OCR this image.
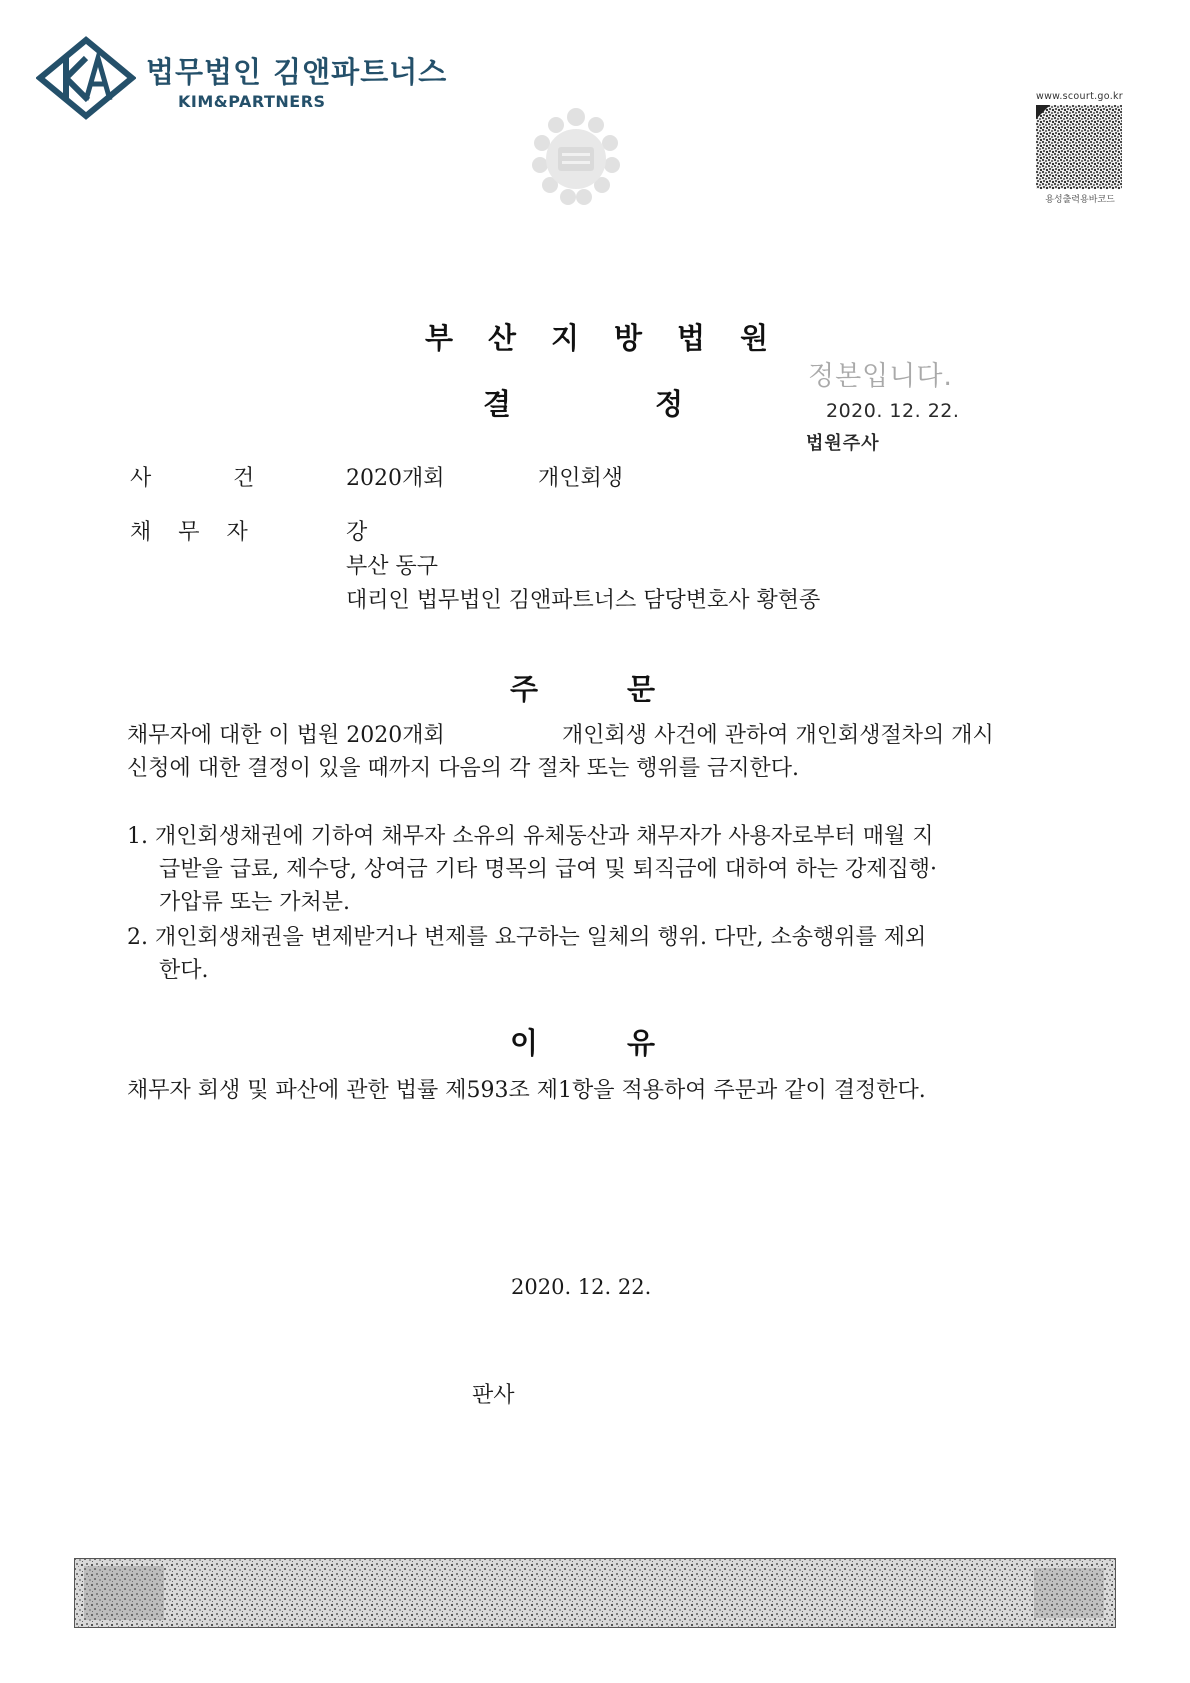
법무법인 김앤파트너스
KIM&PARTNERS	www.scourt.go.kr
용성출력용바코드
정본입니다.
2020. 12. 22.
법원주사
부산지방법원
결	정
사	건	2020개회	개인회생
채무자	강
부산 동구
대리인 법무법인 김앤파트너스 담당변호사 황현종
주	문
채무자에 대한 이 법원 2020개회	개인회생 사건에 관하여 개인회생절차의 개시
신청에 대한 결정이 있을 때까지 다음의 각 절차 또는 행위를 금지한다.
1. 개인회생채권에 기하여 채무자 소유의 유체동산과 채무자가 사용자로부터 매월 지
급받을 급료, 제수당, 상여금 기타 명목의 급여 및 퇴직금에 대하여 하는 강제집행·
가압류 또는 가처분.
2. 개인회생채권을 변제받거나 변제를 요구하는 일체의 행위. 다만, 소송행위를 제외
한다.
이	유
채무자 회생 및 파산에 관한 법률 제593조 제1항을 적용하여 주문과 같이 결정한다.
2020. 12. 22.
판사
